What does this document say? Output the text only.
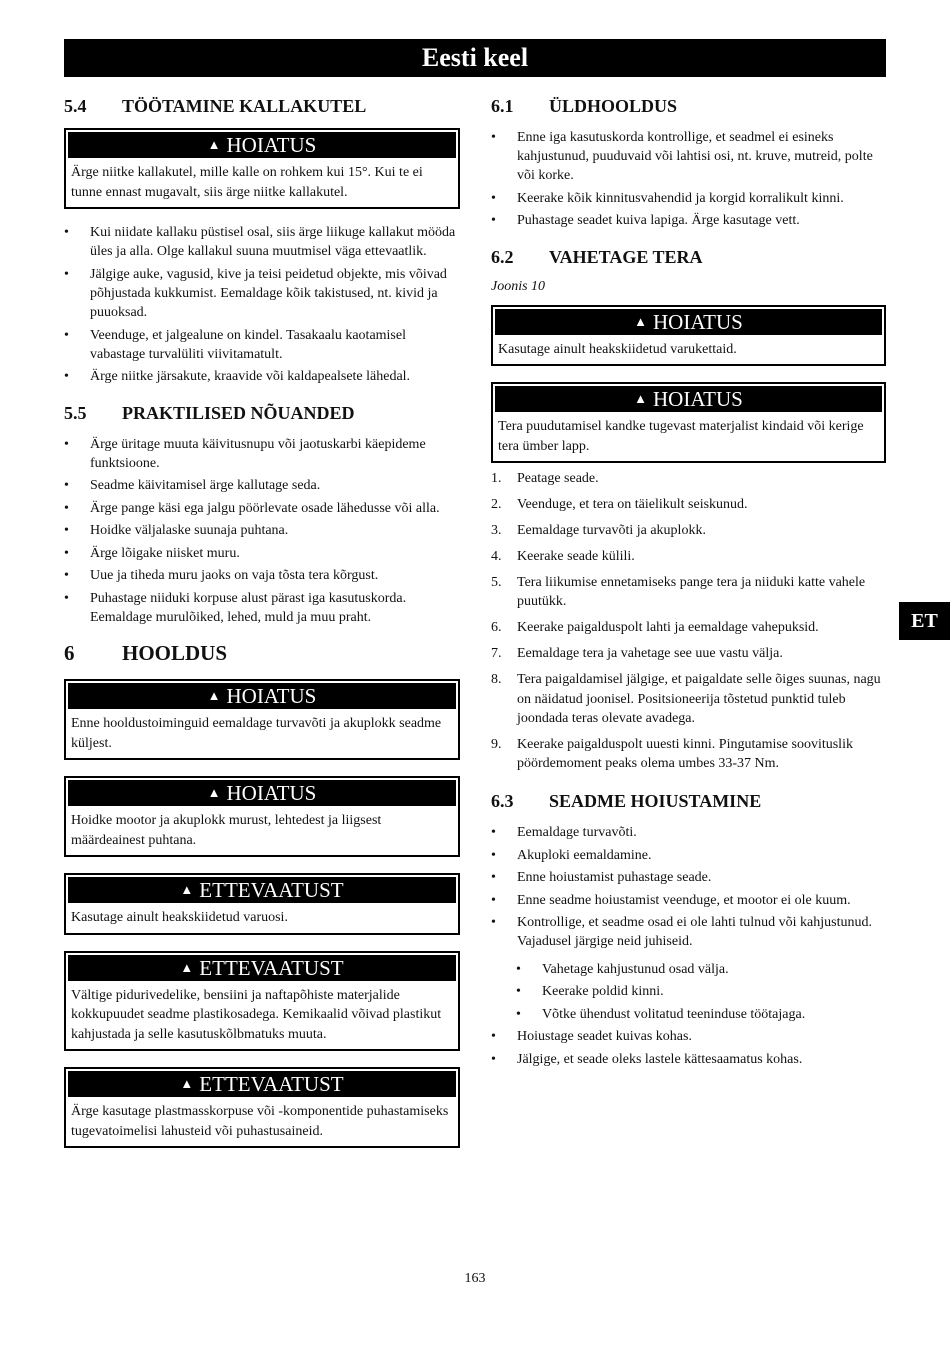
Eesti keel
5.4	TÖÖTAMINE KALLAKUTEL
▲ HOIATUS
Ärge niitke kallakutel, mille kalle on rohkem kui 15°. Kui te ei tunne ennast mugavalt, siis ärge niitke kallakutel.
• Kui niidate kallaku püstisel osal, siis ärge liikuge kallakut mööda üles ja alla. Olge kallakul suuna muutmisel väga ettevaatlik.
• Jälgige auke, vagusid, kive ja teisi peidetud objekte, mis võivad põhjustada kukkumist. Eemaldage kõik takistused, nt. kivid ja puuoksad.
• Veenduge, et jalgealune on kindel. Tasakaalu kaotamisel vabastage turvalüliti viivitamatult.
• Ärge niitke järsakute, kraavide või kaldapealsete lähedal.
5.5	PRAKTILISED NÕUANDED
• Ärge üritage muuta käivitusnupu või jaotuskarbi käepideme funktsioone.
• Seadme käivitamisel ärge kallutage seda.
• Ärge pange käsi ega jalgu pöörlevate osade lähedusse või alla.
• Hoidke väljalaske suunaja puhtana.
• Ärge lõigake niisket muru.
• Uue ja tiheda muru jaoks on vaja tõsta tera kõrgust.
• Puhastage niiduki korpuse alust pärast iga kasutuskorda. Eemaldage murulõiked, lehed, muld ja muu praht.
6	HOOLDUS
▲ HOIATUS
Enne hooldustoiminguid eemaldage turvavõti ja akuplokk seadme küljest.
▲ HOIATUS
Hoidke mootor ja akuplokk murust, lehtedest ja liigsest määrdeainest puhtana.
▲ ETTEVAATUST
Kasutage ainult heakskiidetud varuosi.
▲ ETTEVAATUST
Vältige pidurivedelike, bensiini ja naftapõhiste materjalide kokkupuudet seadme plastikosadega. Kemikaalid võivad plastikut kahjustada ja selle kasutuskõlbmatuks muuta.
▲ ETTEVAATUST
Ärge kasutage plastmasskorpuse või -komponentide puhastamiseks tugevatoimelisi lahusteid või puhastusaineid.
6.1	ÜLDHOOLDUS
• Enne iga kasutuskorda kontrollige, et seadmel ei esineks kahjustunud, puuduvaid või lahtisi osi, nt. kruve, mutreid, polte või korke.
• Keerake kõik kinnitusvahendid ja korgid korralikult kinni.
• Puhastage seadet kuiva lapiga. Ärge kasutage vett.
6.2	VAHETAGE TERA
Joonis 10
▲ HOIATUS
Kasutage ainult heakskiidetud varukettaid.
▲ HOIATUS
Tera puudutamisel kandke tugevast materjalist kindaid või kerige tera ümber lapp.
1. Peatage seade.
2. Veenduge, et tera on täielikult seiskunud.
3. Eemaldage turvavõti ja akuplokk.
4. Keerake seade külili.
5. Tera liikumise ennetamiseks pange tera ja niiduki katte vahele puutükk.
6. Keerake paigalduspolt lahti ja eemaldage vahepuksid.
7. Eemaldage tera ja vahetage see uue vastu välja.
8. Tera paigaldamisel jälgige, et paigaldate selle õiges suunas, nagu on näidatud joonisel. Positsioneerija tõstetud punktid tuleb joondada teras olevate avadega.
9. Keerake paigalduspolt uuesti kinni. Pingutamise soovituslik pöördemoment peaks olema umbes 33-37 Nm.
6.3	SEADME HOIUSTAMINE
• Eemaldage turvavõti.
• Akuploki eemaldamine.
• Enne hoiustamist puhastage seade.
• Enne seadme hoiustamist veenduge, et mootor ei ole kuum.
• Kontrollige, et seadme osad ei ole lahti tulnud või kahjustunud. Vajadusel järgige neid juhiseid.
• Vahetage kahjustunud osad välja.
• Keerake poldid kinni.
• Võtke ühendust volitatud teeninduse töötajaga.
• Hoiustage seadet kuivas kohas.
• Jälgige, et seade oleks lastele kättesaamatus kohas.
ET
163
